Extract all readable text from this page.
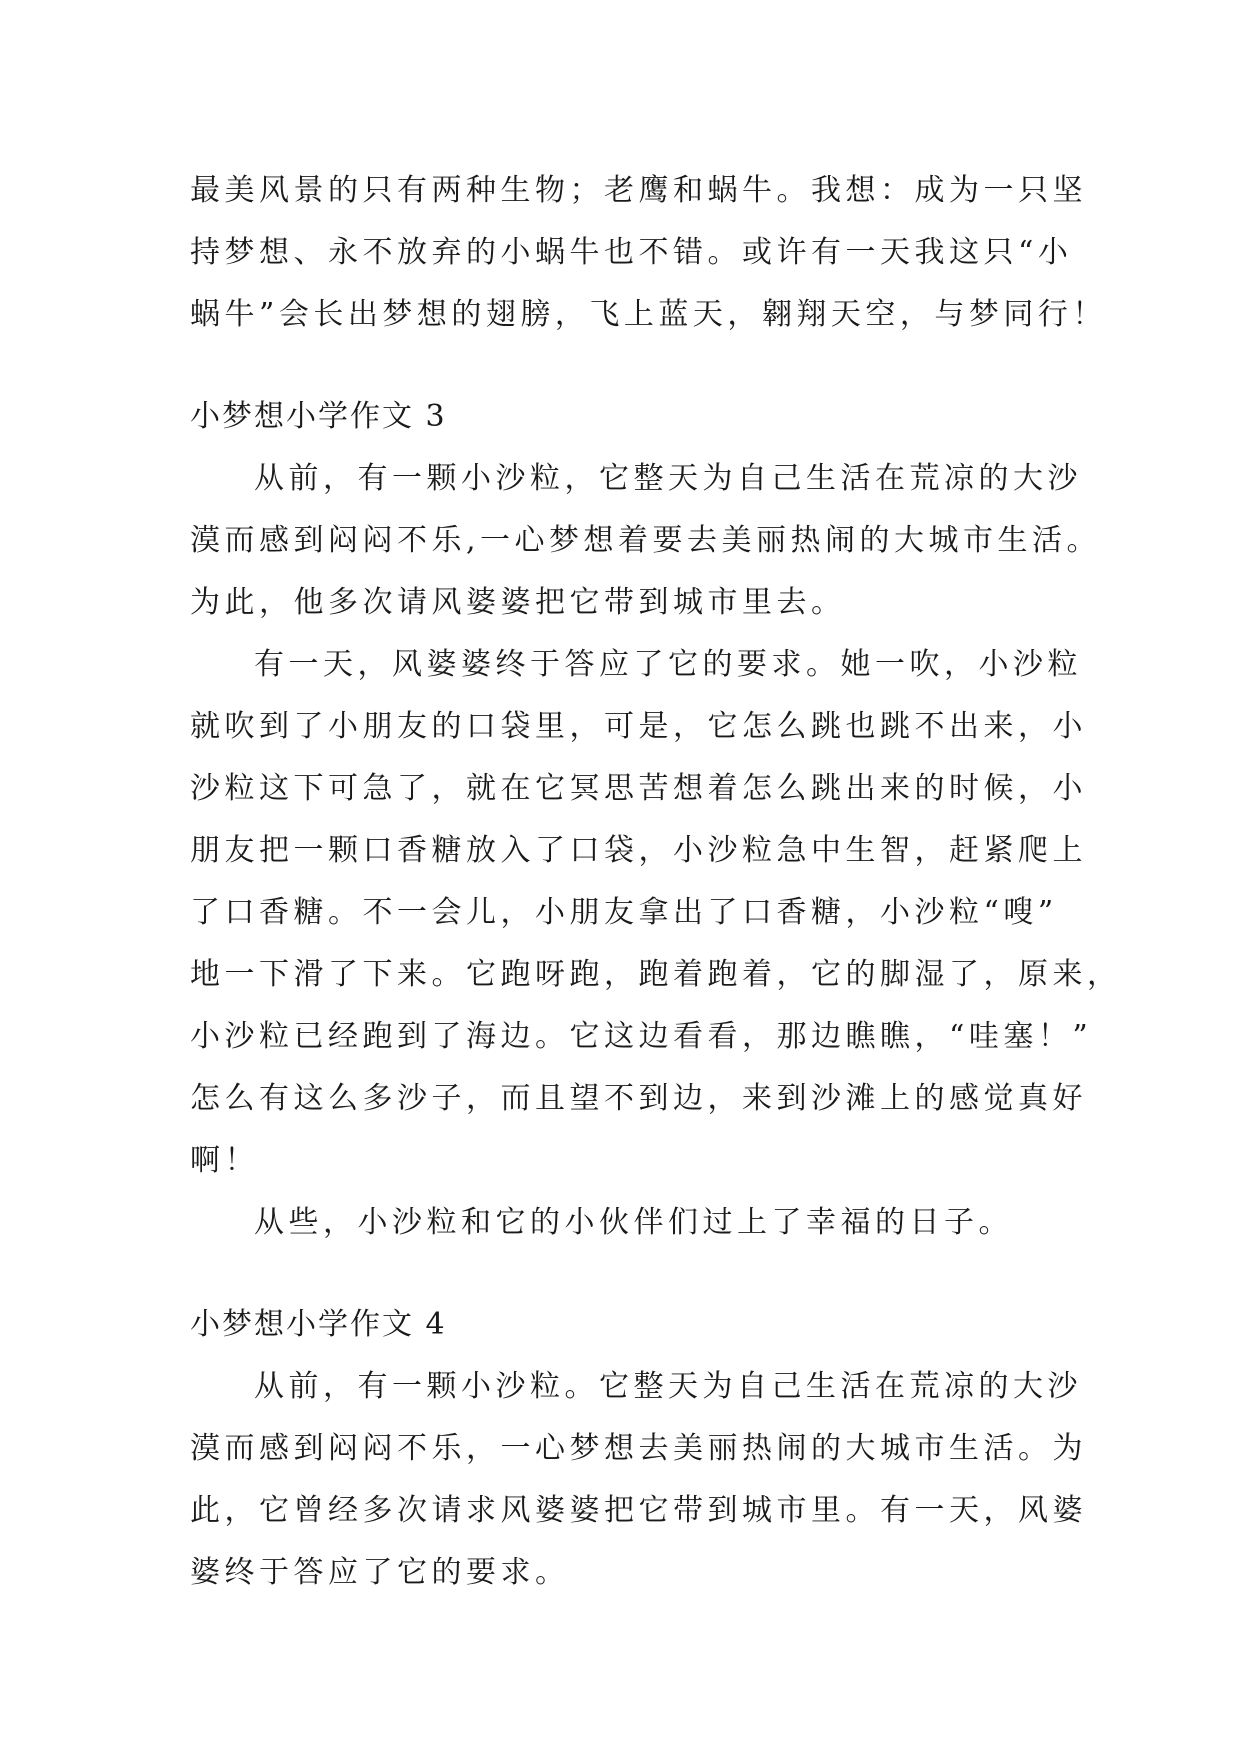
最美风景的只有两种生物；老鹰和蜗牛。我想：成为一只坚
持梦想、永不放弃的小蜗牛也不错。或许有一天我这只“小
蜗牛”会长出梦想的翅膀，飞上蓝天，翱翔天空，与梦同行！
小梦想小学作文 3
从前，有一颗小沙粒，它整天为自己生活在荒凉的大沙
漠而感到闷闷不乐,一心梦想着要去美丽热闹的大城市生活。
为此，他多次请风婆婆把它带到城市里去。
有一天，风婆婆终于答应了它的要求。她一吹，小沙粒
就吹到了小朋友的口袋里，可是，它怎么跳也跳不出来，小
沙粒这下可急了，就在它冥思苦想着怎么跳出来的时候，小
朋友把一颗口香糖放入了口袋，小沙粒急中生智，赶紧爬上
了口香糖。不一会儿，小朋友拿出了口香糖，小沙粒“嗖”
地一下滑了下来。它跑呀跑，跑着跑着，它的脚湿了，原来，
小沙粒已经跑到了海边。它这边看看，那边瞧瞧，“哇塞！”
怎么有这么多沙子，而且望不到边，来到沙滩上的感觉真好
啊！
从些，小沙粒和它的小伙伴们过上了幸福的日子。
小梦想小学作文 4
从前，有一颗小沙粒。它整天为自己生活在荒凉的大沙
漠而感到闷闷不乐，一心梦想去美丽热闹的大城市生活。为
此，它曾经多次请求风婆婆把它带到城市里。有一天，风婆
婆终于答应了它的要求。
